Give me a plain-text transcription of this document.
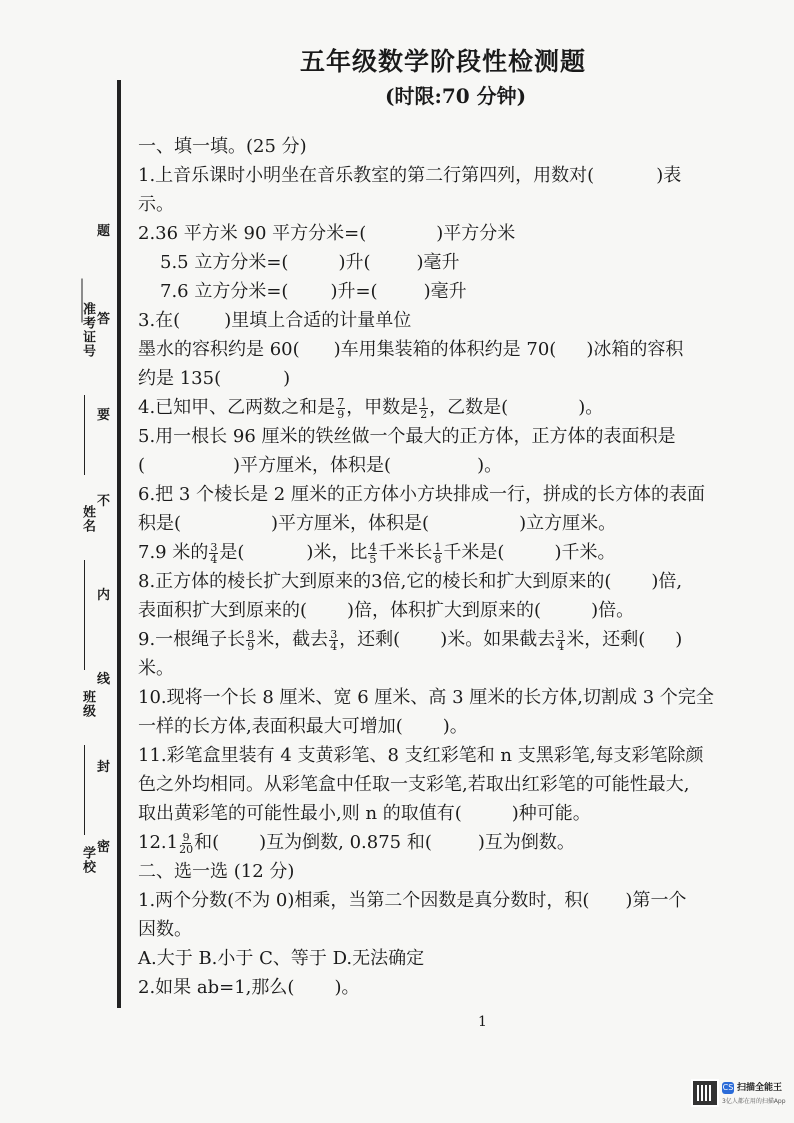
准考证号
姓名
班级
学校
题
答
要
不
内
线
封
密
五年级数学阶段性检测题
(时限:70 分钟)
一、填一填。(25 分)
1.上音乐课时小明坐在音乐教室的第二行第四列，用数对(	)表
示。
2.36 平方米 90 平方分米=(	)平方分米
5.5 立方分米=(	)升(	)毫升
7.6 立方分米=( )升=(	)毫升
3.在( )里填上合适的计量单位
墨水的容积约是 60( )车用集装箱的体积约是 70( )冰箱的容积
约是 135(	)
4.已知甲、乙两数之和是 $\frac{7}{9}$ ，甲数是 $\frac{1}{2}$ ，乙数是(	)。
5.用一根长 96 厘米的铁丝做一个最大的正方体，正方体的表面积是
(	)平方厘米，体积是(	)。
6.把 3 个棱长是 2 厘米的正方体小方块排成一行，拼成的长方体的表面
积是(	)平方厘米，体积是(	)立方厘米。
7.9 米的 $\frac{3}{4}$ 是(	)米，比 $\frac{4}{5}$ 千米长 $\frac{1}{8}$ 千米是(	)千米。
8.正方体的棱长扩大到原来的3倍,它的棱长和扩大到原来的( )倍,
表面积扩大到原来的( )倍，体积扩大到原来的(	)倍。
9.一根绳子长 $\frac{8}{9}$ 米，截去 $\frac{3}{4}$ ，还剩( )米。如果截去 $\frac{3}{4}$ 米，还剩( )
米。
10.现将一个长 8 厘米、宽 6 厘米、高 3 厘米的长方体,切割成 3 个完全
一样的长方体,表面积最大可增加( )。
11.彩笔盒里装有 4 支黄彩笔、8 支红彩笔和 n 支黑彩笔,每支彩笔除颜
色之外均相同。从彩笔盒中任取一支彩笔,若取出红彩笔的可能性最大,
取出黄彩笔的可能性最小,则 n 的取值有(	)种可能。
$12.1 \frac{9}{20}$ 和( )互为倒数, 0.875 和(	)互为倒数。
二、选一选 (12 分)
1.两个分数(不为 0)相乘，当第二个因数是真分数时，积( )第一个
因数。
A.大于 B.小于 C、等于 D.无法确定
2.如果 ab=1,那么( )。
1
CS 扫描全能王
3亿人都在用的扫描App
